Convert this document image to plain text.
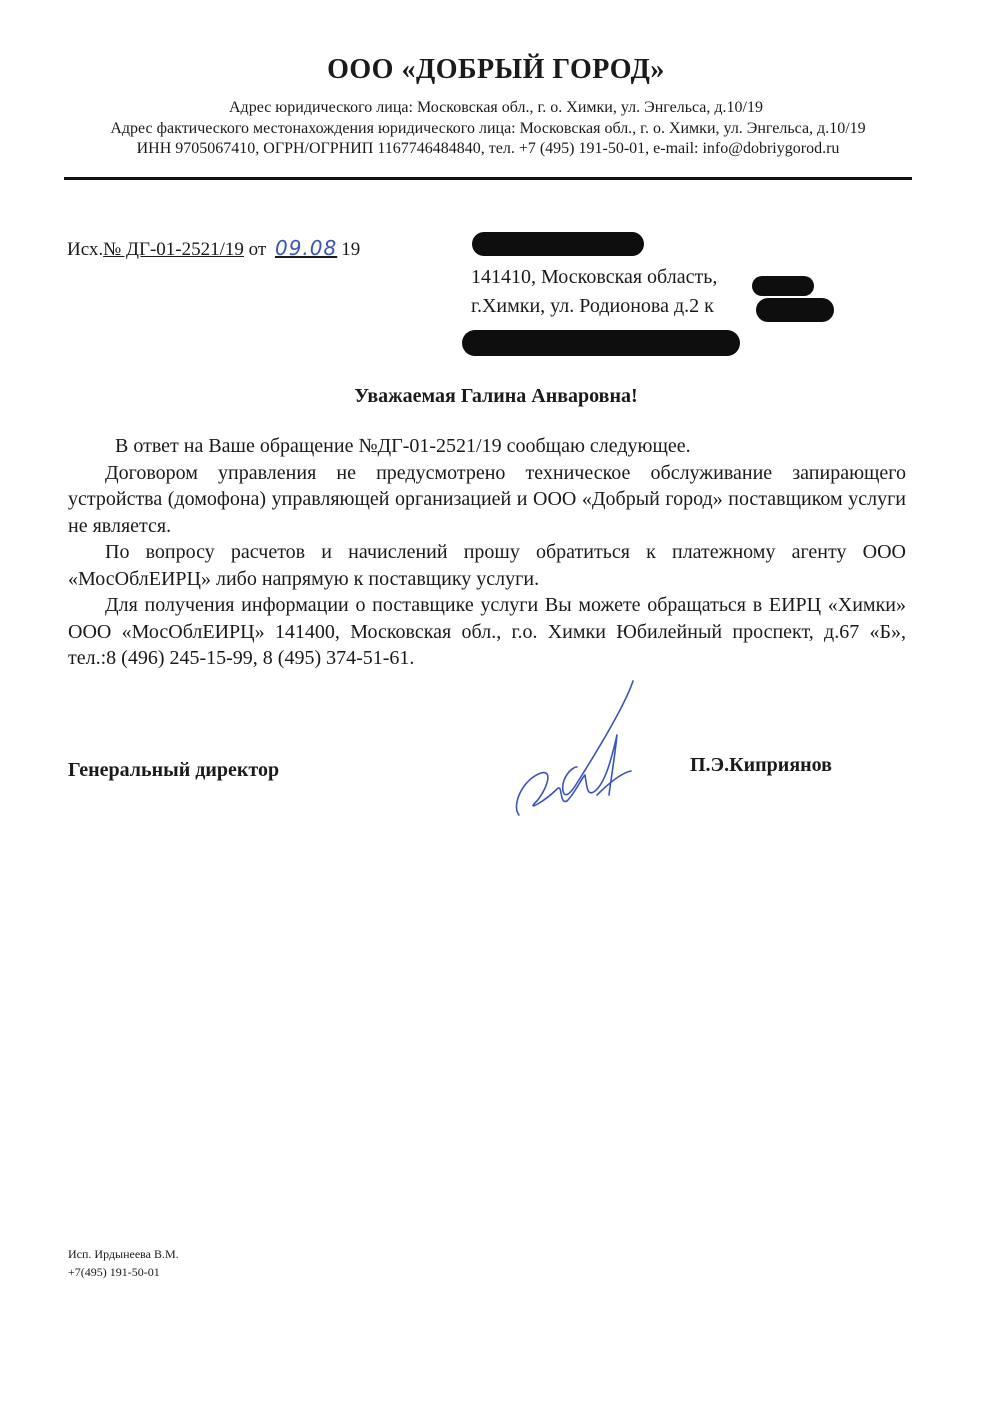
ООО «ДОБРЫЙ ГОРОД»
Адрес юридического лица: Московская обл., г. о. Химки, ул. Энгельса, д.10/19
Адрес фактического местонахождения юридического лица: Московская обл., г. о. Химки, ул. Энгельса, д.10/19
ИНН 9705067410, ОГРН/ОГРНИП 1167746484840, тел. +7 (495) 191-50-01, e-mail: info@dobriygorod.ru
Исх.№ ДГ-01-2521/19 от 09.08 19
141410, Московская область,
г.Химки, ул. Родионова д.2 к
Уважаемая Галина Анваровна!

В ответ на Ваше обращение №ДГ-01-2521/19 сообщаю следующее.

Договором управления не предусмотрено техническое обслуживание запирающего устройства (домофона) управляющей организацией и ООО «Добрый город» поставщиком услуги не является.

По вопросу расчетов и начислений прошу обратиться к платежному агенту ООО «МосОблЕИРЦ» либо напрямую к поставщику услуги.

Для получения информации о поставщике услуги Вы можете обращаться в ЕИРЦ «Химки» ООО «МосОблЕИРЦ» 141400, Московская обл., г.о. Химки Юбилейный проспект, д.67 «Б», тел.:8 (496) 245-15-99, 8 (495) 374-51-61.

Генеральный директор	П.Э.Киприянов
Исп. Ирдынеева В.М.
+7(495) 191-50-01
